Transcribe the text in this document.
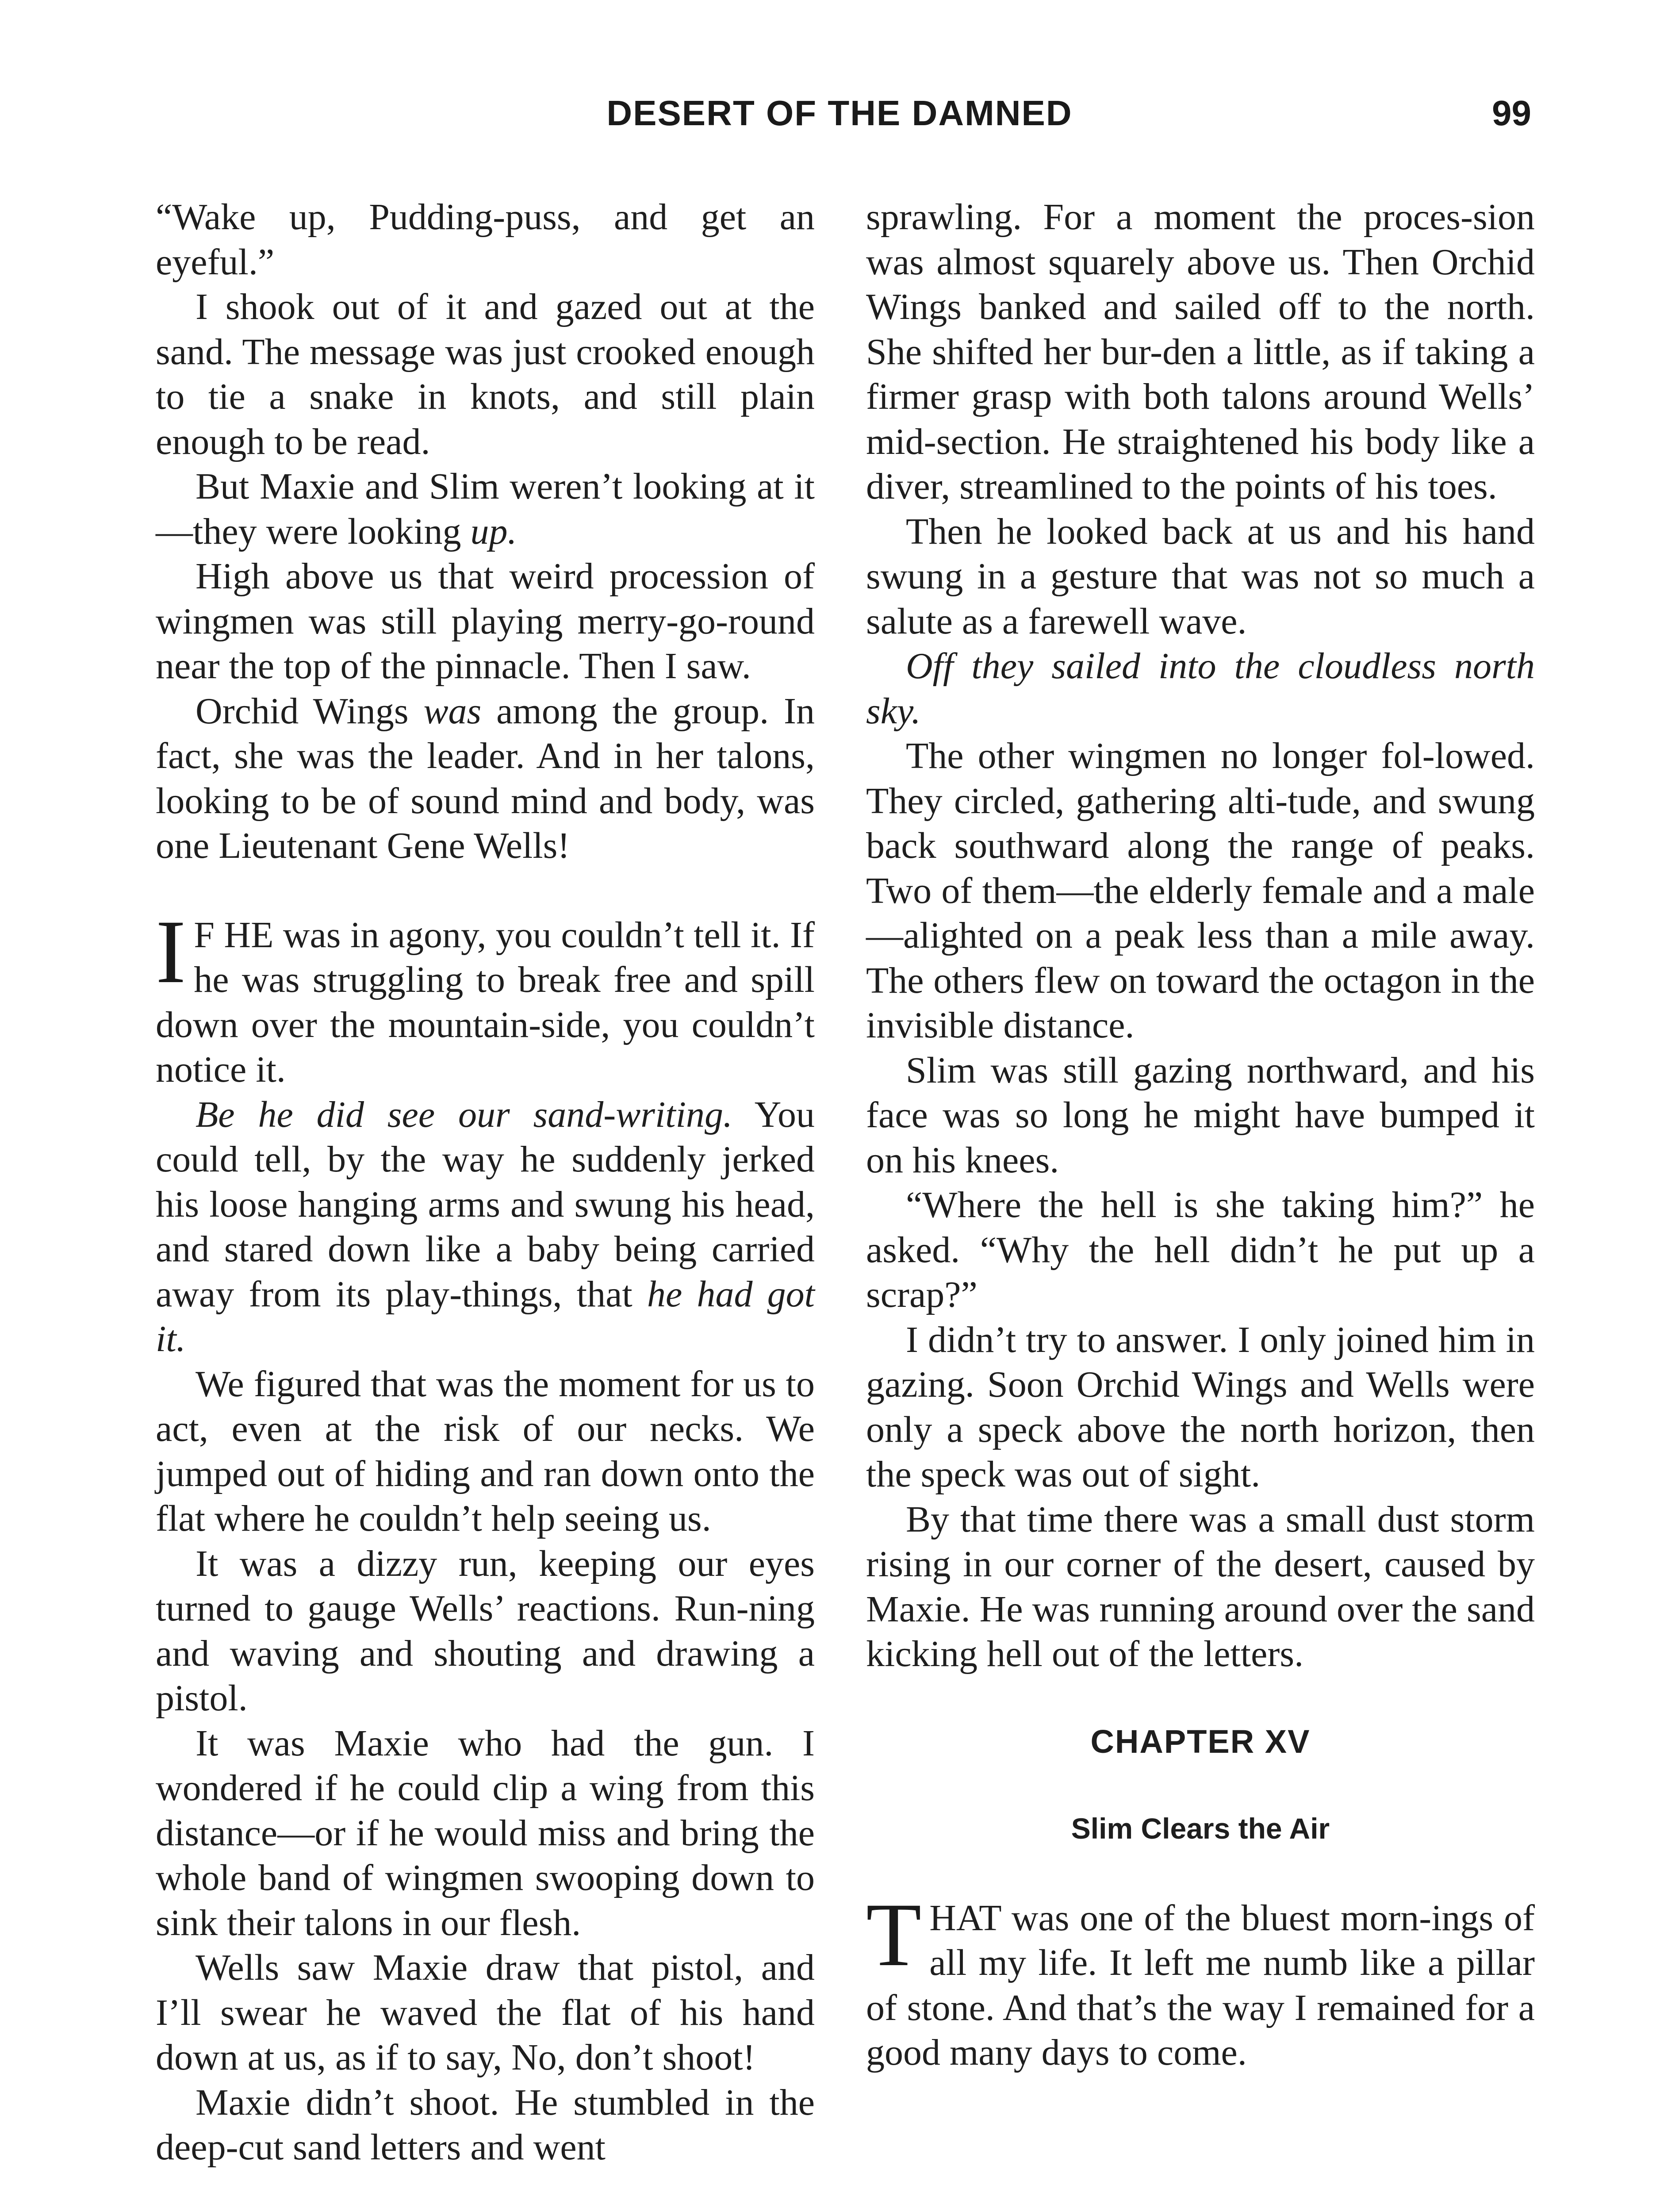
DESERT OF THE DAMNED	99

“Wake up, Pudding-puss, and get an eyeful.”

I shook out of it and gazed out at the sand. The message was just crooked enough to tie a snake in knots, and still plain enough to be read.

But Maxie and Slim weren’t looking at it—they were looking up.

High above us that weird procession of wingmen was still playing merry-go-round near the top of the pinnacle. Then I saw.

Orchid Wings was among the group. In fact, she was the leader. And in her talons, looking to be of sound mind and body, was one Lieutenant Gene Wells!

I F HE was in agony, you couldn’t tell it. If he was struggling to break free and spill down over the mountain-side, you couldn’t notice it.

Be he did see our sand-writing. You could tell, by the way he suddenly jerked his loose hanging arms and swung his head, and stared down like a baby being carried away from its play-things, that he had got it.

We figured that was the moment for us to act, even at the risk of our necks. We jumped out of hiding and ran down onto the flat where he couldn’t help seeing us.

It was a dizzy run, keeping our eyes turned to gauge Wells’ reactions. Run-ning and waving and shouting and drawing a pistol.

It was Maxie who had the gun. I wondered if he could clip a wing from this distance—or if he would miss and bring the whole band of wingmen swooping down to sink their talons in our flesh.

Wells saw Maxie draw that pistol, and I’ll swear he waved the flat of his hand down at us, as if to say, No, don’t shoot!

Maxie didn’t shoot. He stumbled in the deep-cut sand letters and went

sprawling. For a moment the proces-sion was almost squarely above us. Then Orchid Wings banked and sailed off to the north. She shifted her bur-den a little, as if taking a firmer grasp with both talons around Wells’ mid-section. He straightened his body like a diver, streamlined to the points of his toes.

Then he looked back at us and his hand swung in a gesture that was not so much a salute as a farewell wave.

Off they sailed into the cloudless north sky.

The other wingmen no longer fol-lowed. They circled, gathering alti-tude, and swung back southward along the range of peaks. Two of them—the elderly female and a male—alighted on a peak less than a mile away. The others flew on toward the octagon in the invisible distance.

Slim was still gazing northward, and his face was so long he might have bumped it on his knees.

“Where the hell is she taking him?” he asked. “Why the hell didn’t he put up a scrap?”

I didn’t try to answer. I only joined him in gazing. Soon Orchid Wings and Wells were only a speck above the north horizon, then the speck was out of sight.

By that time there was a small dust storm rising in our corner of the desert, caused by Maxie. He was running around over the sand kicking hell out of the letters.

CHAPTER XV
Slim Clears the Air

THAT was one of the bluest morn-ings of all my life. It left me numb like a pillar of stone. And that’s the way I remained for a good many days to come.
